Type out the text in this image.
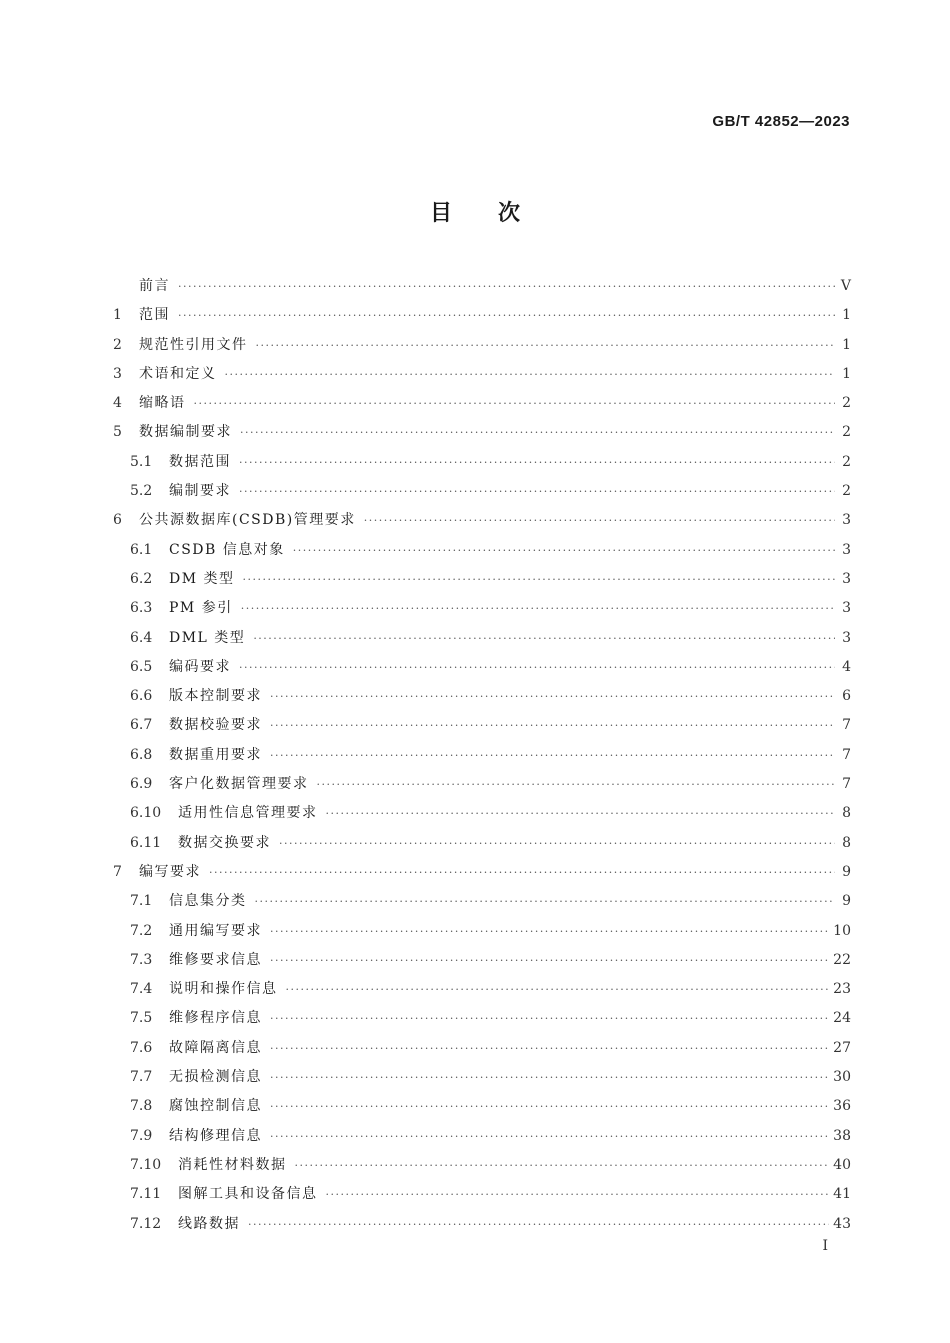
GB/T 42852—2023
目次
前言 ·····	V
1	范围 ·····	1
2	规范性引用文件 ·····	1
3	术语和定义 ·····	1
4	缩略语 ·····	2
5	数据编制要求 ·····	2
5.1	数据范围 ·····	2
5.2	编制要求 ·····	2
6	公共源数据库(CSDB)管理要求 ·····	3
6.1	CSDB 信息对象 ·····	3
6.2	DM 类型 ·····	3
6.3	PM 参引 ·····	3
6.4	DML 类型 ·····	3
6.5	编码要求 ·····	4
6.6	版本控制要求 ·····	6
6.7	数据校验要求 ·····	7
6.8	数据重用要求 ·····	7
6.9	客户化数据管理要求 ·····	7
6.10	适用性信息管理要求 ·····	8
6.11	数据交换要求 ·····	8
7	编写要求 ·····	9
7.1	信息集分类 ·····	9
7.2	通用编写要求 ·····	10
7.3	维修要求信息 ·····	22
7.4	说明和操作信息 ·····	23
7.5	维修程序信息 ·····	24
7.6	故障隔离信息 ·····	27
7.7	无损检测信息 ·····	30
7.8	腐蚀控制信息 ·····	36
7.9	结构修理信息 ·····	38
7.10	消耗性材料数据 ·····	40
7.11	图解工具和设备信息 ·····	41
7.12	线路数据 ·····	43
I
